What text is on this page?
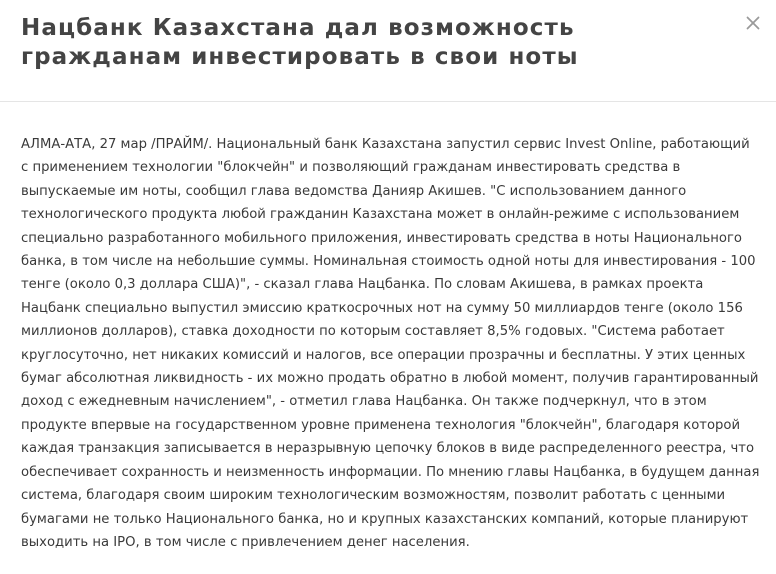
Нацбанк Казахстана дал возможность гражданам инвестировать в свои ноты

АЛМА-АТА, 27 мар /ПРАЙМ/. Национальный банк Казахстана запустил сервис Invest Online, работающий с применением технологии "блокчейн" и позволяющий гражданам инвестировать средства в выпускаемые им ноты, сообщил глава ведомства Данияр Акишев. "С использованием данного технологического продукта любой гражданин Казахстана может в онлайн-режиме с использованием специально разработанного мобильного приложения, инвестировать средства в ноты Национального банка, в том числе на небольшие суммы. Номинальная стоимость одной ноты для инвестирования - 100 тенге (около 0,3 доллара США)", - сказал глава Нацбанка. По словам Акишева, в рамках проекта Нацбанк специально выпустил эмиссию краткосрочных нот на сумму 50 миллиардов тенге (около 156 миллионов долларов), ставка доходности по которым составляет 8,5% годовых. "Система работает круглосуточно, нет никаких комиссий и налогов, все операции прозрачны и бесплатны. У этих ценных бумаг абсолютная ликвидность - их можно продать обратно в любой момент, получив гарантированный доход с ежедневным начислением", - отметил глава Нацбанка. Он также подчеркнул, что в этом продукте впервые на государственном уровне применена технология "блокчейн", благодаря которой каждая транзакция записывается в неразрывную цепочку блоков в виде распределенного реестра, что обеспечивает сохранность и неизменность информации. По мнению главы Нацбанка, в будущем данная система, благодаря своим широким технологическим возможностям, позволит работать с ценными бумагами не только Национального банка, но и крупных казахстанских компаний, которые планируют выходить на IPO, в том числе с привлечением денег населения.
